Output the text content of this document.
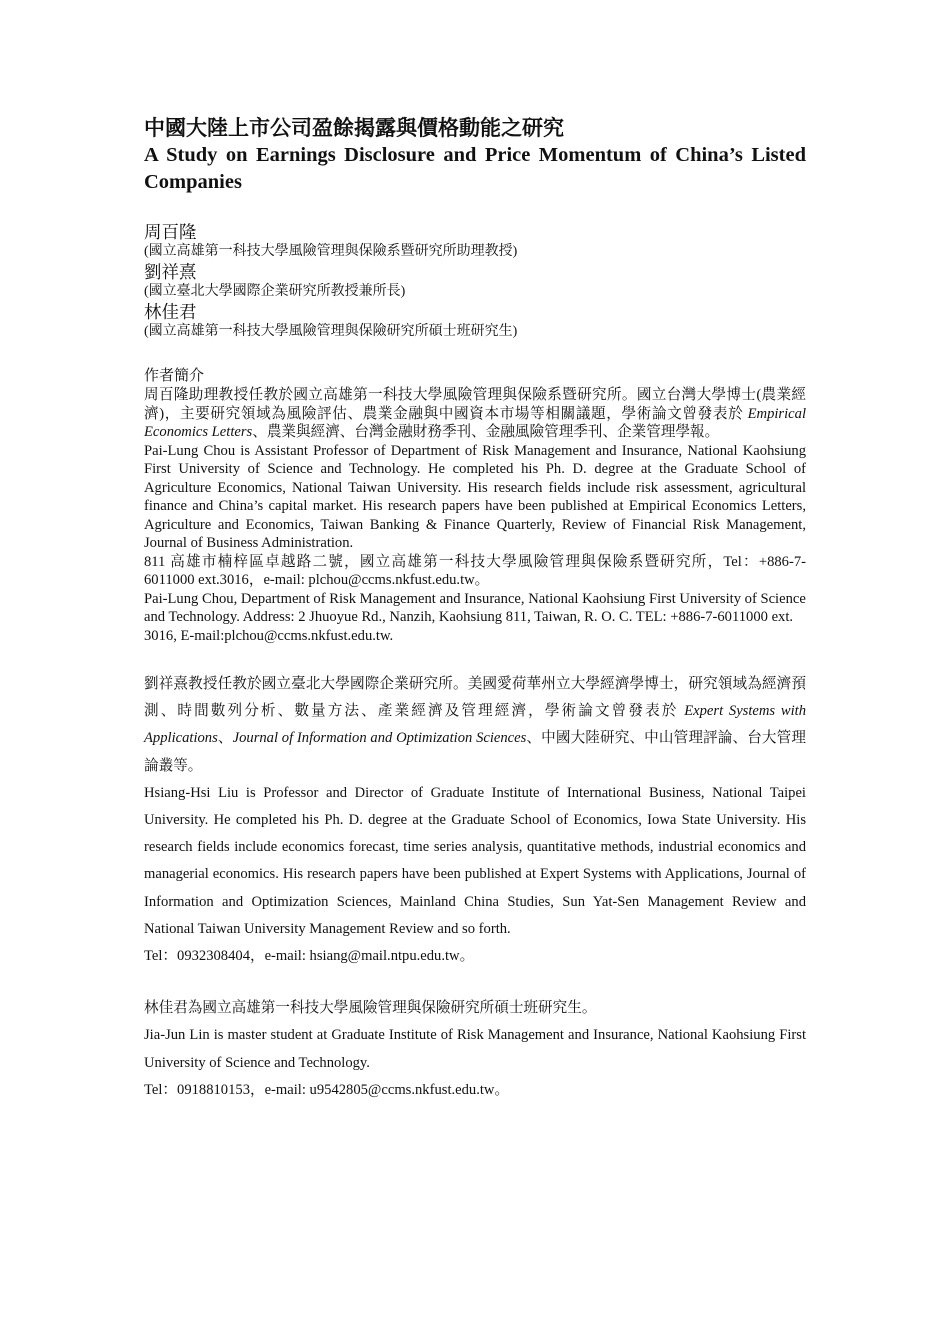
中國大陸上市公司盈餘揭露與價格動能之研究
A Study on Earnings Disclosure and Price Momentum of China’s Listed Companies
周百隆
(國立高雄第一科技大學風險管理與保險系暨研究所助理教授)
劉祥熹
(國立臺北大學國際企業研究所教授兼所長)
林佳君
(國立高雄第一科技大學風險管理與保險研究所碩士班研究生)
作者簡介

周百隆助理教授任教於國立高雄第一科技大學風險管理與保險系暨研究所。國立台灣大學博士(農業經濟)，主要研究領域為風險評估、農業金融與中國資本市場等相關議題，學術論文曾發表於 Empirical Economics Letters、農業與經濟、台灣金融財務季刊、金融風險管理季刊、企業管理學報。

Pai-Lung Chou is Assistant Professor of Department of Risk Management and Insurance, National Kaohsiung First University of Science and Technology. He completed his Ph. D. degree at the Graduate School of Agriculture Economics, National Taiwan University. His research fields include risk assessment, agricultural finance and China’s capital market. His research papers have been published at Empirical Economics Letters, Agriculture and Economics, Taiwan Banking & Finance Quarterly, Review of Financial Risk Management, Journal of Business Administration.

811 高雄市楠梓區卓越路二號，國立高雄第一科技大學風險管理與保險系暨研究所，Tel：+886-7-6011000 ext.3016，e-mail: plchou@ccms.nkfust.edu.tw。

Pai-Lung Chou, Department of Risk Management and Insurance, National Kaohsiung First University of Science and Technology. Address: 2 Jhuoyue Rd., Nanzih, Kaohsiung 811, Taiwan, R. O. C. TEL: +886-7-6011000 ext. 3016, E-mail:plchou@ccms.nkfust.edu.tw.

劉祥熹教授任教於國立臺北大學國際企業研究所。美國愛荷華州立大學經濟學博士，研究領域為經濟預測、時間數列分析、數量方法、產業經濟及管理經濟，學術論文曾發表於 Expert Systems with Applications、Journal of Information and Optimization Sciences、中國大陸研究、中山管理評論、台大管理論叢等。

Hsiang-Hsi Liu is Professor and Director of Graduate Institute of International Business, National Taipei University. He completed his Ph. D. degree at the Graduate School of Economics, Iowa State University. His research fields include economics forecast, time series analysis, quantitative methods, industrial economics and managerial economics. His research papers have been published at Expert Systems with Applications, Journal of Information and Optimization Sciences, Mainland China Studies, Sun Yat-Sen Management Review and National Taiwan University Management Review and so forth.

Tel：0932308404，e-mail: hsiang@mail.ntpu.edu.tw。

林佳君為國立高雄第一科技大學風險管理與保險研究所碩士班研究生。

Jia-Jun Lin is master student at Graduate Institute of Risk Management and Insurance, National Kaohsiung First University of Science and Technology.

Tel：0918810153，e-mail: u9542805@ccms.nkfust.edu.tw。
